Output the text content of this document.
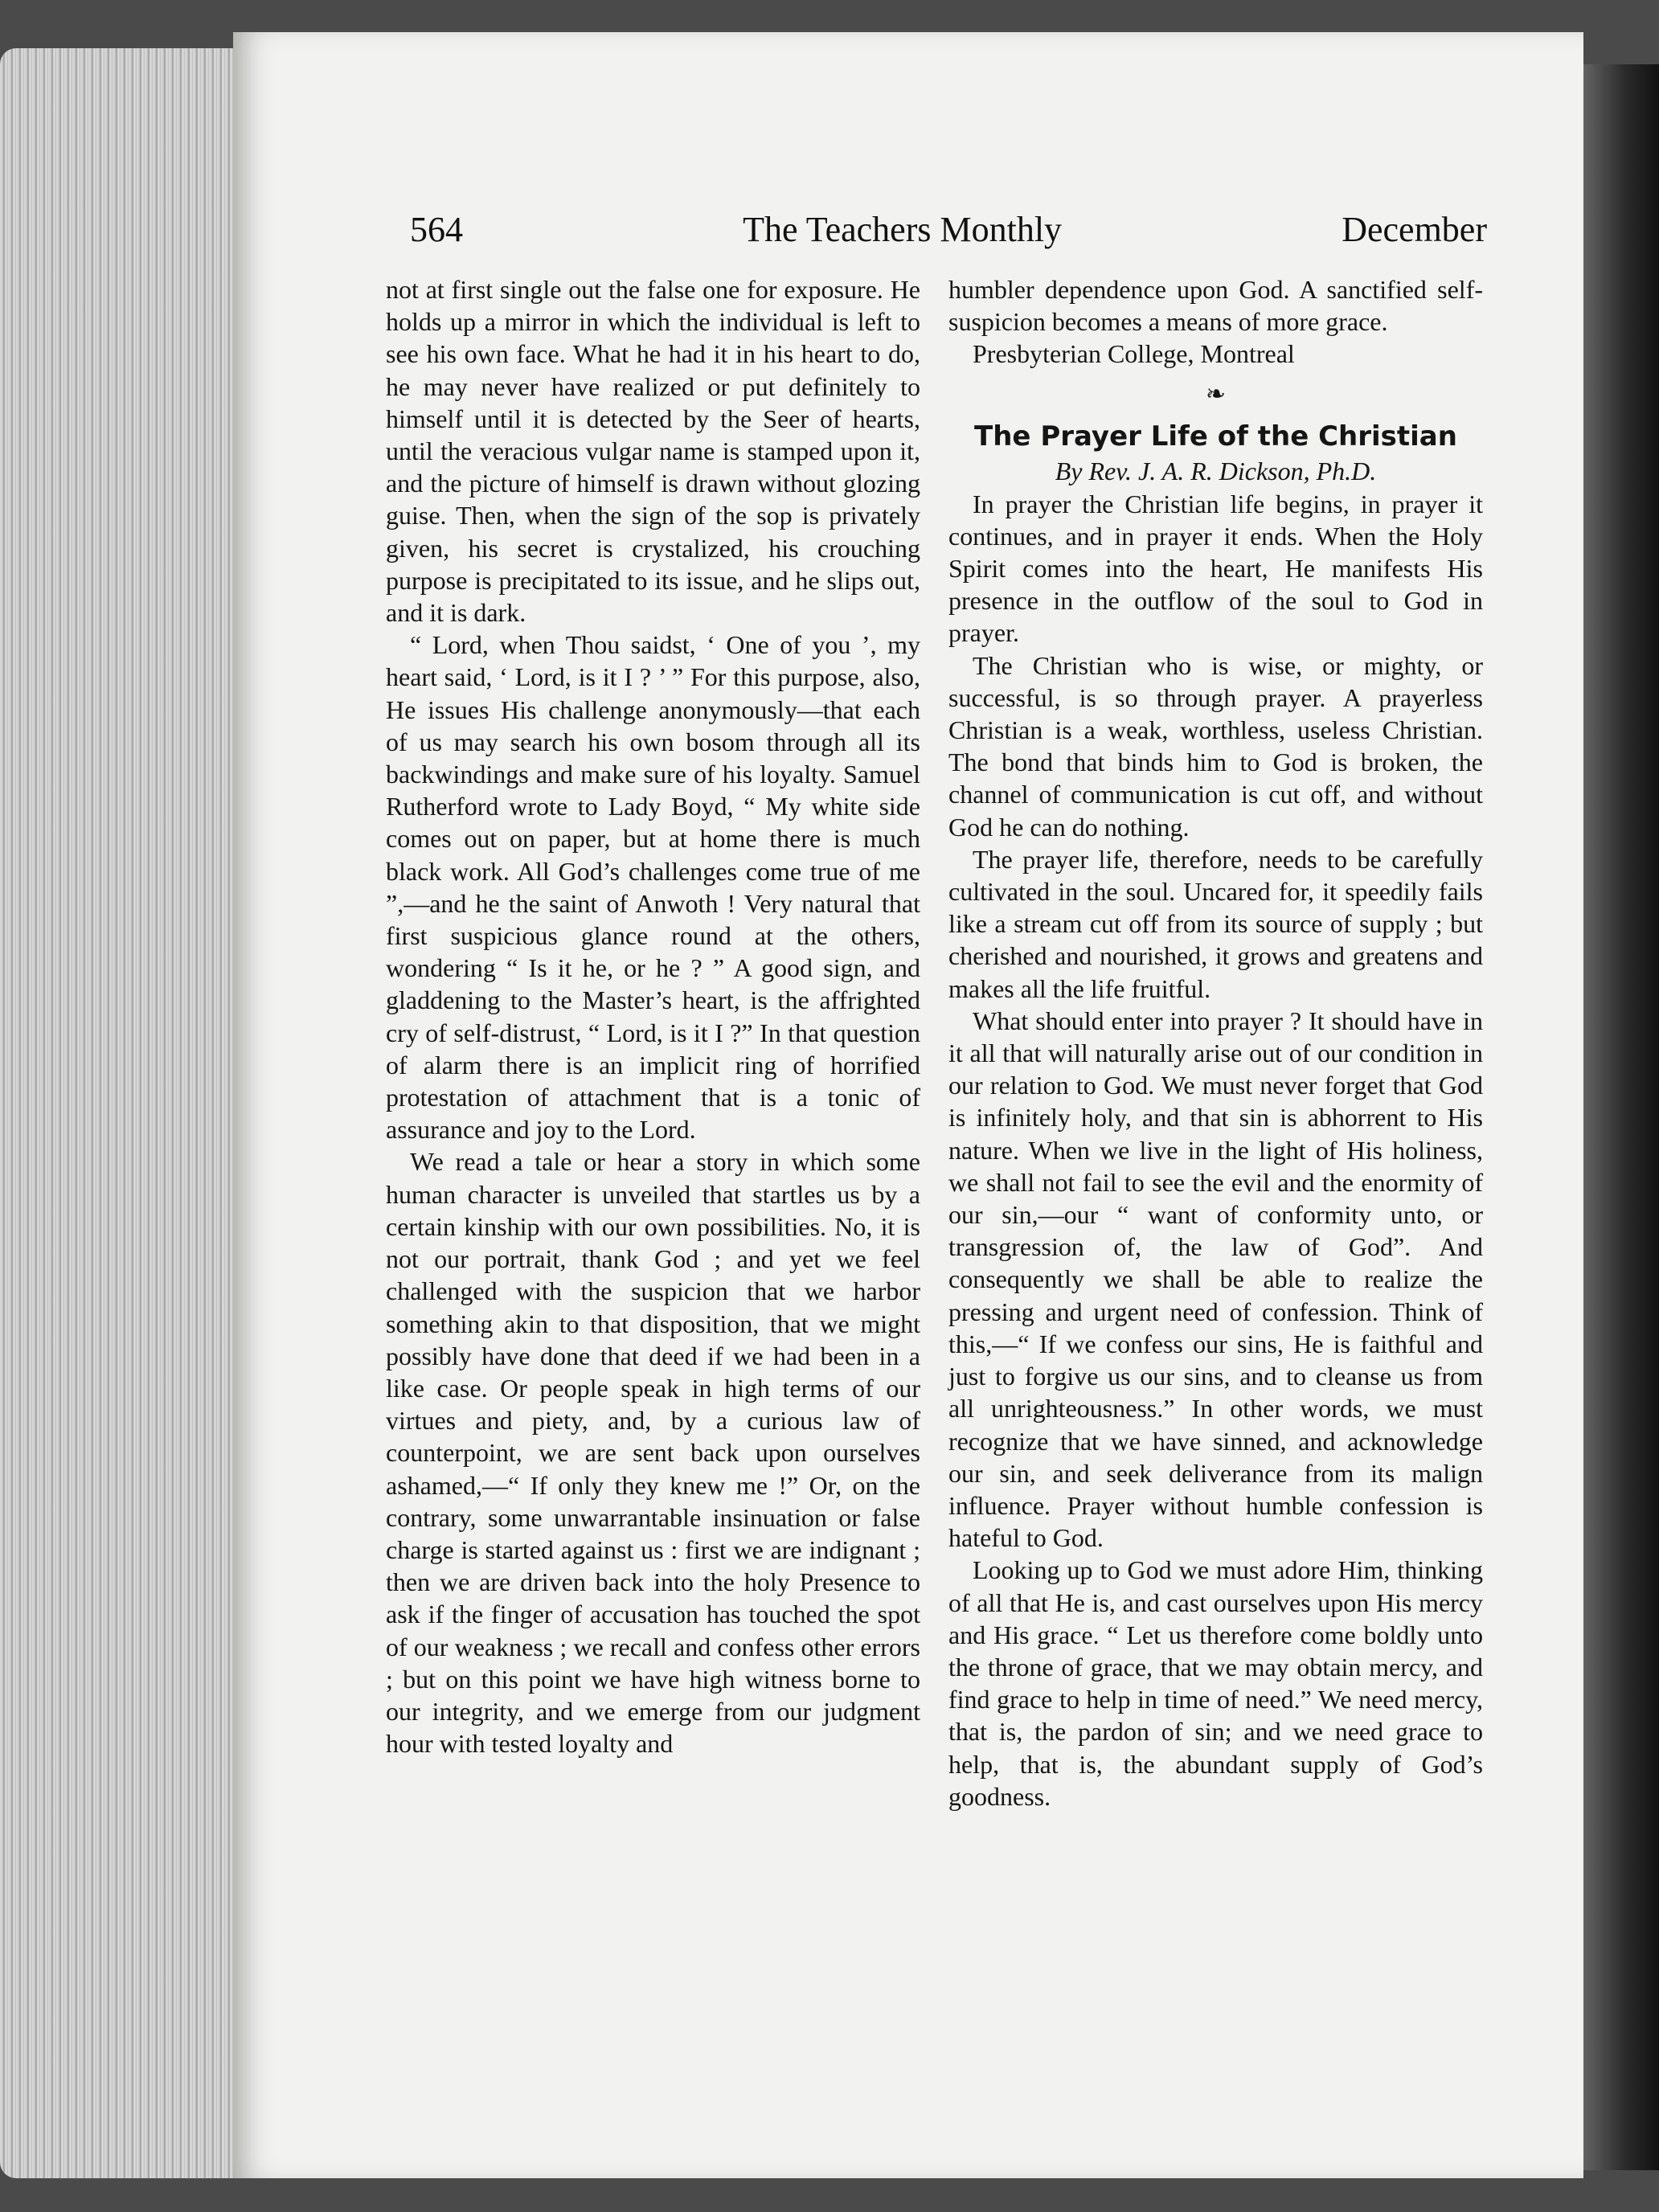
564	The Teachers Monthly	December

not at first single out the false one for exposure. He holds up a mirror in which the individual is left to see his own face. What he had it in his heart to do, he may never have realized or put definitely to himself until it is detected by the Seer of hearts, until the veracious vulgar name is stamped upon it, and the picture of himself is drawn without glozing guise. Then, when the sign of the sop is privately given, his secret is crystalized, his crouching purpose is precipitated to its issue, and he slips out, and it is dark.

“ Lord, when Thou saidst, ‘ One of you ’, my heart said, ‘ Lord, is it I ? ’ ” For this purpose, also, He issues His challenge anonymously—that each of us may search his own bosom through all its backwindings and make sure of his loyalty. Samuel Rutherford wrote to Lady Boyd, “ My white side comes out on paper, but at home there is much black work. All God’s challenges come true of me ”,—and he the saint of Anwoth ! Very natural that first suspicious glance round at the others, wondering “ Is it he, or he ? ” A good sign, and gladdening to the Master’s heart, is the affrighted cry of self-distrust, “ Lord, is it I ?” In that question of alarm there is an implicit ring of horrified protestation of attachment that is a tonic of assurance and joy to the Lord.

We read a tale or hear a story in which some human character is unveiled that startles us by a certain kinship with our own possibilities. No, it is not our portrait, thank God ; and yet we feel challenged with the suspicion that we harbor something akin to that disposition, that we might possibly have done that deed if we had been in a like case. Or people speak in high terms of our virtues and piety, and, by a curious law of counterpoint, we are sent back upon ourselves ashamed,—“ If only they knew me !” Or, on the contrary, some unwarrantable insinuation or false charge is started against us : first we are indignant ; then we are driven back into the holy Presence to ask if the finger of accusation has touched the spot of our weakness ; we recall and confess other errors ; but on this point we have high witness borne to our integrity, and we emerge from our judgment hour with tested loyalty and

humbler dependence upon God. A sanctified self-suspicion becomes a means of more grace.

Presbyterian College, Montreal

❧

The Prayer Life of the Christian

By Rev. J. A. R. Dickson, Ph.D.

In prayer the Christian life begins, in prayer it continues, and in prayer it ends. When the Holy Spirit comes into the heart, He manifests His presence in the outflow of the soul to God in prayer.

The Christian who is wise, or mighty, or successful, is so through prayer. A prayerless Christian is a weak, worthless, useless Christian. The bond that binds him to God is broken, the channel of communication is cut off, and without God he can do nothing.

The prayer life, therefore, needs to be carefully cultivated in the soul. Uncared for, it speedily fails like a stream cut off from its source of supply ; but cherished and nourished, it grows and greatens and makes all the life fruitful.

What should enter into prayer ? It should have in it all that will naturally arise out of our condition in our relation to God. We must never forget that God is infinitely holy, and that sin is abhorrent to His nature. When we live in the light of His holiness, we shall not fail to see the evil and the enormity of our sin,—our “ want of conformity unto, or transgression of, the law of God”. And consequently we shall be able to realize the pressing and urgent need of confession. Think of this,—“ If we confess our sins, He is faithful and just to forgive us our sins, and to cleanse us from all unrighteousness.” In other words, we must recognize that we have sinned, and acknowledge our sin, and seek deliverance from its malign influence. Prayer without humble confession is hateful to God.

Looking up to God we must adore Him, thinking of all that He is, and cast ourselves upon His mercy and His grace. “ Let us therefore come boldly unto the throne of grace, that we may obtain mercy, and find grace to help in time of need.” We need mercy, that is, the pardon of sin; and we need grace to help, that is, the abundant supply of God’s goodness.
